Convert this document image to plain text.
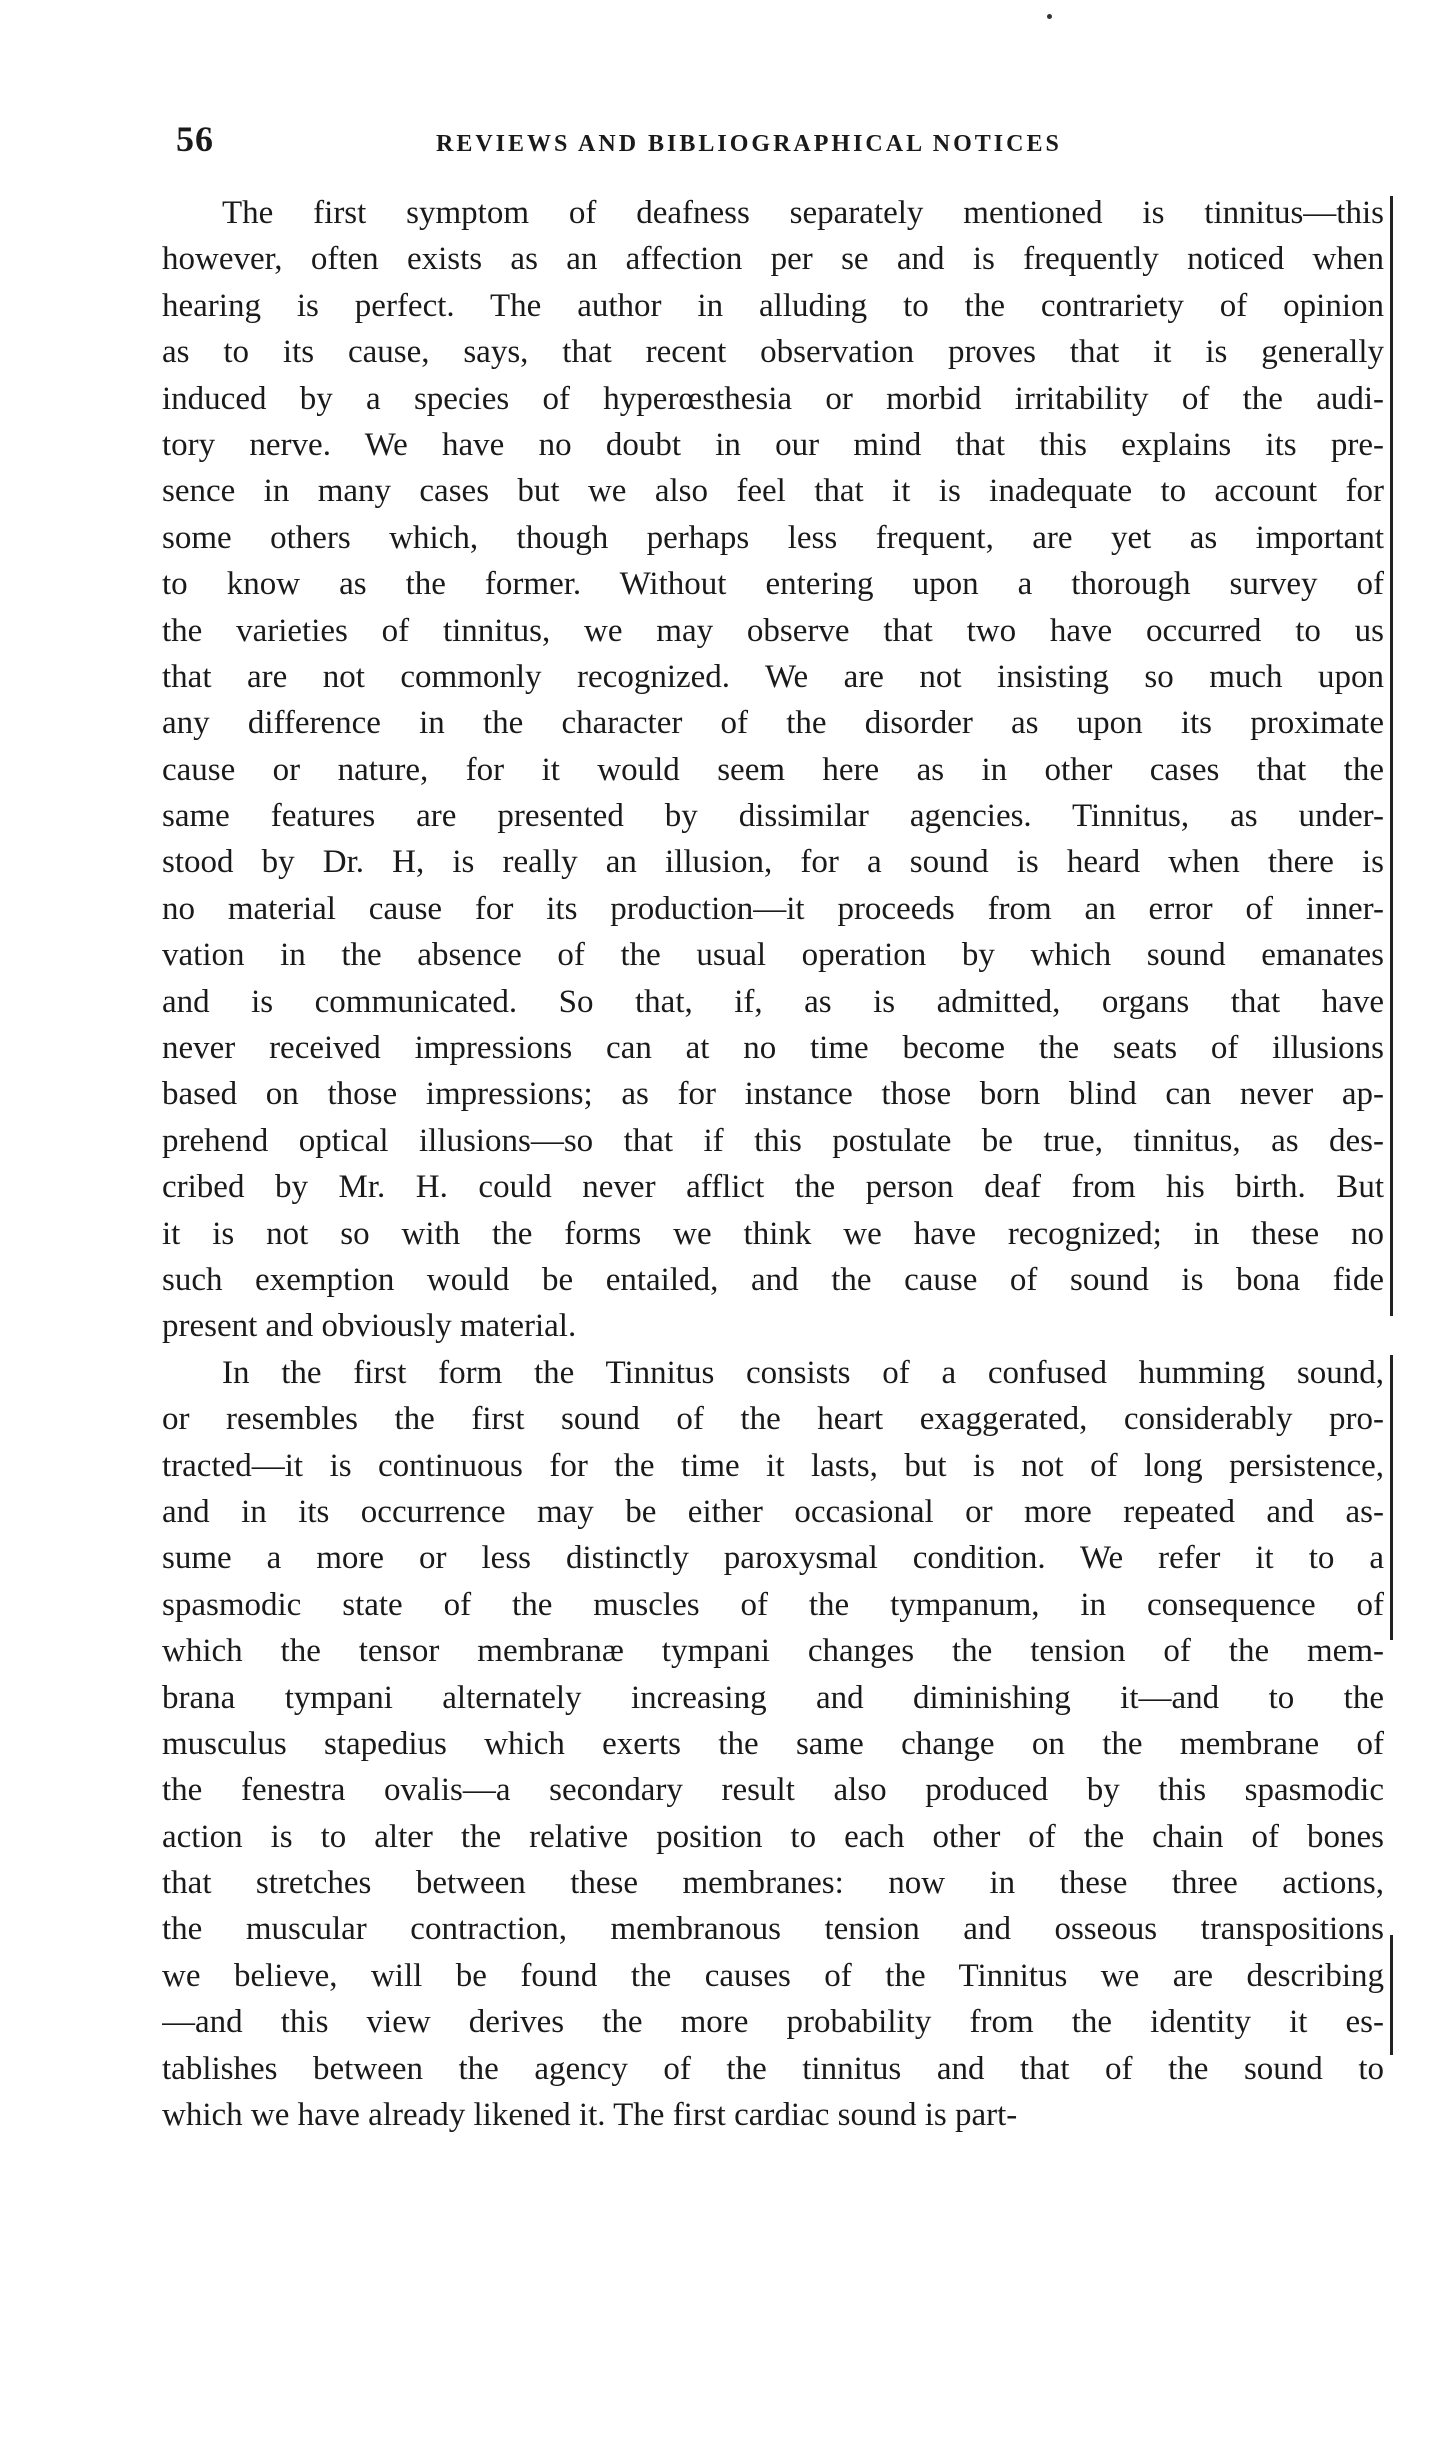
56	REVIEWS AND BIBLIOGRAPHICAL NOTICES
The first symptom of deafness separately mentioned is tinnitus—this
however, often exists as an affection per se and is frequently noticed when
hearing is perfect. The author in alluding to the contrariety of opinion
as to its cause, says, that recent observation proves that it is generally
induced by a species of hyperœsthesia or morbid irritability of the audi-
tory nerve. We have no doubt in our mind that this explains its pre-
sence in many cases but we also feel that it is inadequate to account for
some others which, though perhaps less frequent, are yet as important
to know as the former. Without entering upon a thorough survey of
the varieties of tinnitus, we may observe that two have occurred to us
that are not commonly recognized. We are not insisting so much upon
any difference in the character of the disorder as upon its proximate
cause or nature, for it would seem here as in other cases that the
same features are presented by dissimilar agencies. Tinnitus, as under-
stood by Dr. H, is really an illusion, for a sound is heard when there is
no material cause for its production—it proceeds from an error of inner-
vation in the absence of the usual operation by which sound emanates
and is communicated. So that, if, as is admitted, organs that have
never received impressions can at no time become the seats of illusions
based on those impressions; as for instance those born blind can never ap-
prehend optical illusions—so that if this postulate be true, tinnitus, as des-
cribed by Mr. H. could never afflict the person deaf from his birth. But
it is not so with the forms we think we have recognized; in these no
such exemption would be entailed, and the cause of sound is bona fide
present and obviously material.
In the first form the Tinnitus consists of a confused humming sound,
or resembles the first sound of the heart exaggerated, considerably pro-
tracted—it is continuous for the time it lasts, but is not of long persistence,
and in its occurrence may be either occasional or more repeated and as-
sume a more or less distinctly paroxysmal condition. We refer it to a
spasmodic state of the muscles of the tympanum, in consequence of
which the tensor membranæ tympani changes the tension of the mem-
brana tympani alternately increasing and diminishing it—and to the
musculus stapedius which exerts the same change on the membrane of
the fenestra ovalis—a secondary result also produced by this spasmodic
action is to alter the relative position to each other of the chain of bones
that stretches between these membranes: now in these three actions,
the muscular contraction, membranous tension and osseous transpositions
we believe, will be found the causes of the Tinnitus we are describing
—and this view derives the more probability from the identity it es-
tablishes between the agency of the tinnitus and that of the sound to
which we have already likened it. The first cardiac sound is part-
